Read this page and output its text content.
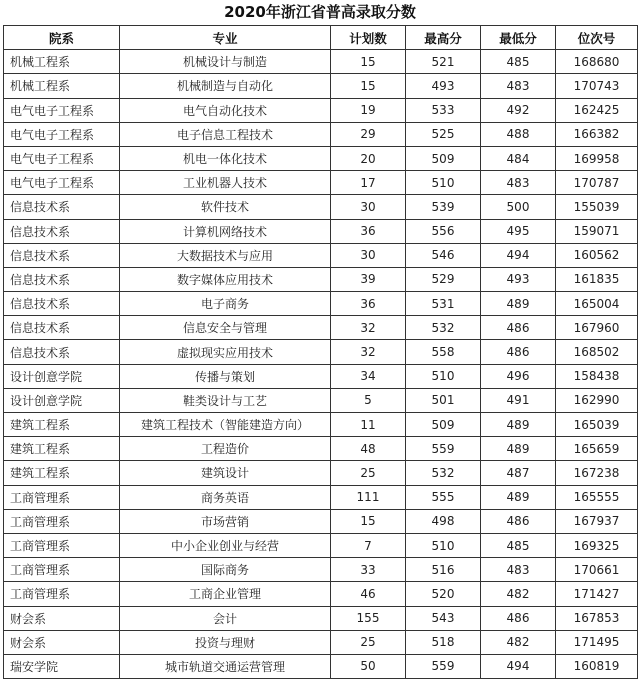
2020年浙江省普高录取分数
院系	专业	计划数	最高分	最低分	位次号
机械工程系	机械设计与制造	15	521	485	168680
机械工程系	机械制造与自动化	15	493	483	170743
电气电子工程系	电气自动化技术	19	533	492	162425
电气电子工程系	电子信息工程技术	29	525	488	166382
电气电子工程系	机电一体化技术	20	509	484	169958
电气电子工程系	工业机器人技术	17	510	483	170787
信息技术系	软件技术	30	539	500	155039
信息技术系	计算机网络技术	36	556	495	159071
信息技术系	大数据技术与应用	30	546	494	160562
信息技术系	数字媒体应用技术	39	529	493	161835
信息技术系	电子商务	36	531	489	165004
信息技术系	信息安全与管理	32	532	486	167960
信息技术系	虚拟现实应用技术	32	558	486	168502
设计创意学院	传播与策划	34	510	496	158438
设计创意学院	鞋类设计与工艺	5	501	491	162990
建筑工程系	建筑工程技术（智能建造方向）	11	509	489	165039
建筑工程系	工程造价	48	559	489	165659
建筑工程系	建筑设计	25	532	487	167238
工商管理系	商务英语	111	555	489	165555
工商管理系	市场营销	15	498	486	167937
工商管理系	中小企业创业与经营	7	510	485	169325
工商管理系	国际商务	33	516	483	170661
工商管理系	工商企业管理	46	520	482	171427
财会系	会计	155	543	486	167853
财会系	投资与理财	25	518	482	171495
瑞安学院	城市轨道交通运营管理	50	559	494	160819
